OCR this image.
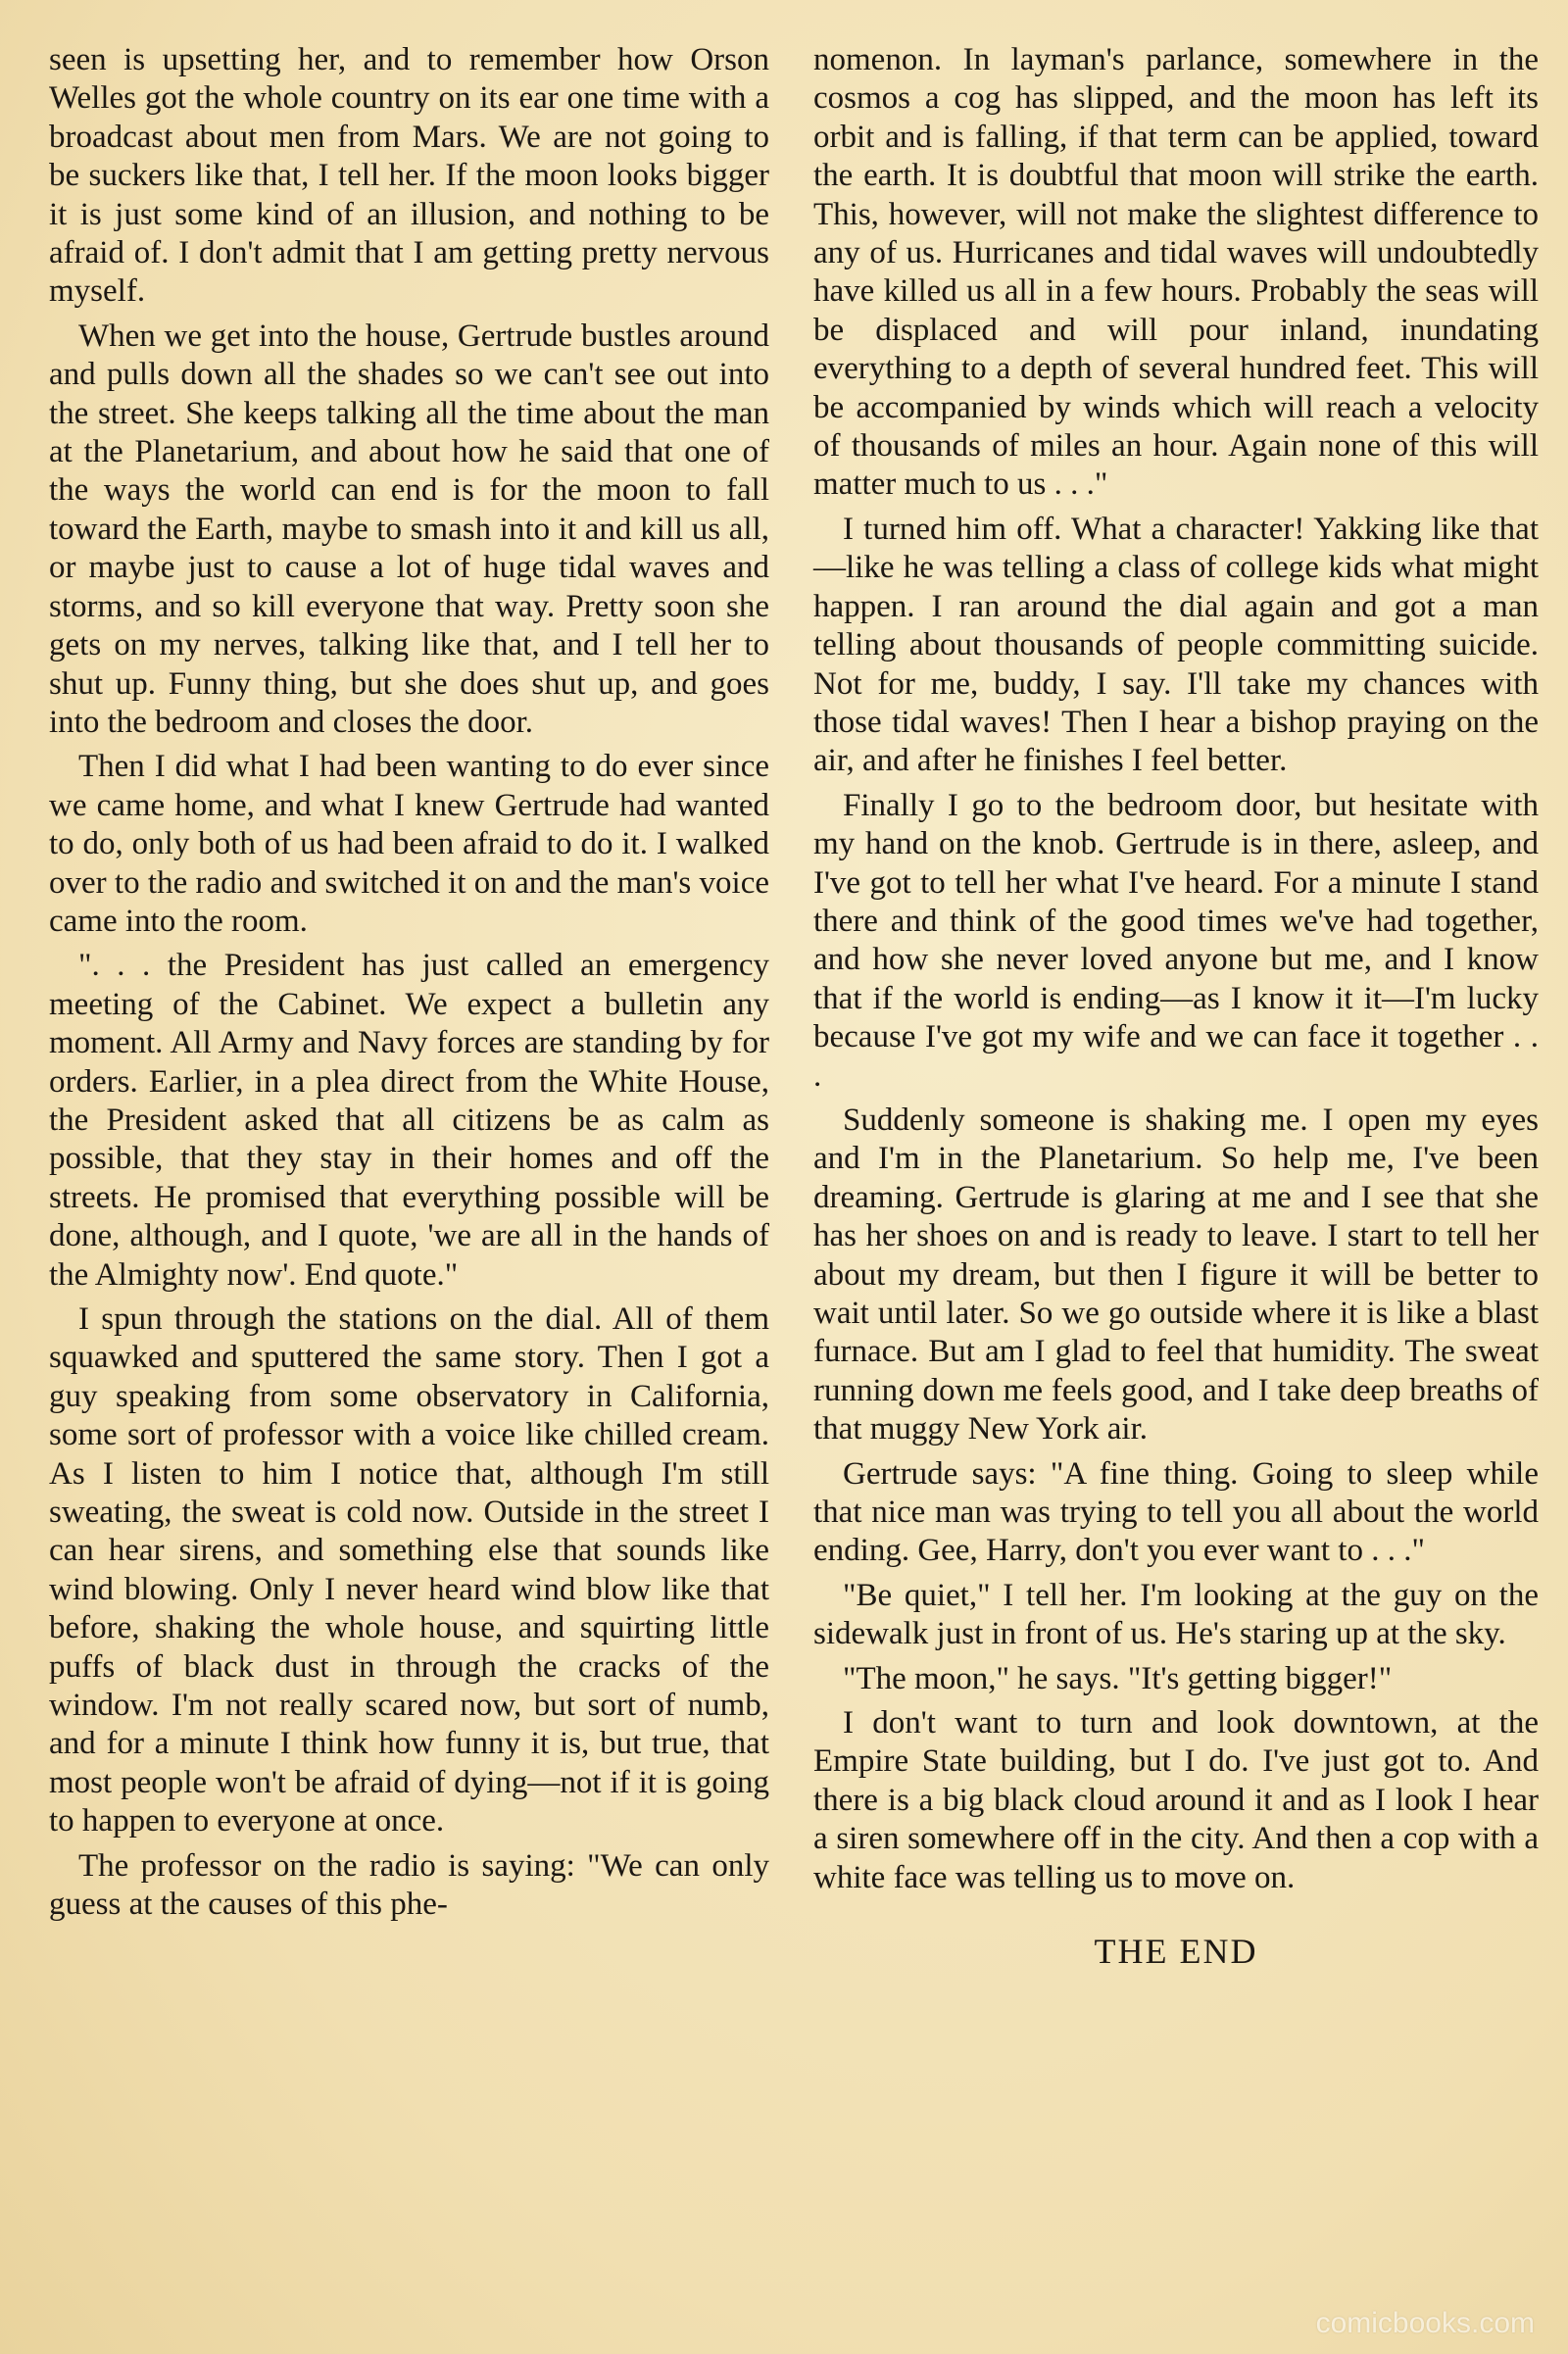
seen is upsetting her, and to remember how Orson Welles got the whole country on its ear one time with a broadcast about men from Mars. We are not going to be suckers like that, I tell her. If the moon looks bigger it is just some kind of an illusion, and nothing to be afraid of. I don't admit that I am getting pretty nervous myself.

When we get into the house, Gertrude bustles around and pulls down all the shades so we can't see out into the street. She keeps talking all the time about the man at the Planetarium, and about how he said that one of the ways the world can end is for the moon to fall toward the Earth, maybe to smash into it and kill us all, or maybe just to cause a lot of huge tidal waves and storms, and so kill everyone that way. Pretty soon she gets on my nerves, talking like that, and I tell her to shut up. Funny thing, but she does shut up, and goes into the bedroom and closes the door.

Then I did what I had been wanting to do ever since we came home, and what I knew Gertrude had wanted to do, only both of us had been afraid to do it. I walked over to the radio and switched it on and the man's voice came into the room.

". . . the President has just called an emergency meeting of the Cabinet. We expect a bulletin any moment. All Army and Navy forces are standing by for orders. Earlier, in a plea direct from the White House, the President asked that all citizens be as calm as possible, that they stay in their homes and off the streets. He promised that everything possible will be done, although, and I quote, 'we are all in the hands of the Almighty now'. End quote."

I spun through the stations on the dial. All of them squawked and sputtered the same story. Then I got a guy speaking from some observatory in California, some sort of professor with a voice like chilled cream. As I listen to him I notice that, although I'm still sweating, the sweat is cold now. Outside in the street I can hear sirens, and something else that sounds like wind blowing. Only I never heard wind blow like that before, shaking the whole house, and squirting little puffs of black dust in through the cracks of the window. I'm not really scared now, but sort of numb, and for a minute I think how funny it is, but true, that most people won't be afraid of dying—not if it is going to happen to everyone at once.

The professor on the radio is saying: "We can only guess at the causes of this phe-

nomenon. In layman's parlance, somewhere in the cosmos a cog has slipped, and the moon has left its orbit and is falling, if that term can be applied, toward the earth. It is doubtful that moon will strike the earth. This, however, will not make the slightest difference to any of us. Hurricanes and tidal waves will undoubtedly have killed us all in a few hours. Probably the seas will be displaced and will pour inland, inundating everything to a depth of several hundred feet. This will be accompanied by winds which will reach a velocity of thousands of miles an hour. Again none of this will matter much to us . . ."

I turned him off. What a character! Yakking like that—like he was telling a class of college kids what might happen. I ran around the dial again and got a man telling about thousands of people committing suicide. Not for me, buddy, I say. I'll take my chances with those tidal waves! Then I hear a bishop praying on the air, and after he finishes I feel better.

Finally I go to the bedroom door, but hesitate with my hand on the knob. Gertrude is in there, asleep, and I've got to tell her what I've heard. For a minute I stand there and think of the good times we've had together, and how she never loved anyone but me, and I know that if the world is ending—as I know it it—I'm lucky because I've got my wife and we can face it together . . .

Suddenly someone is shaking me. I open my eyes and I'm in the Planetarium. So help me, I've been dreaming. Gertrude is glaring at me and I see that she has her shoes on and is ready to leave. I start to tell her about my dream, but then I figure it will be better to wait until later. So we go outside where it is like a blast furnace. But am I glad to feel that humidity. The sweat running down me feels good, and I take deep breaths of that muggy New York air.

Gertrude says: "A fine thing. Going to sleep while that nice man was trying to tell you all about the world ending. Gee, Harry, don't you ever want to . . ."

"Be quiet," I tell her. I'm looking at the guy on the sidewalk just in front of us. He's staring up at the sky.

"The moon," he says. "It's getting bigger!"

I don't want to turn and look downtown, at the Empire State building, but I do. I've just got to. And there is a big black cloud around it and as I look I hear a siren somewhere off in the city. And then a cop with a white face was telling us to move on.

THE END

comicbooks.com
